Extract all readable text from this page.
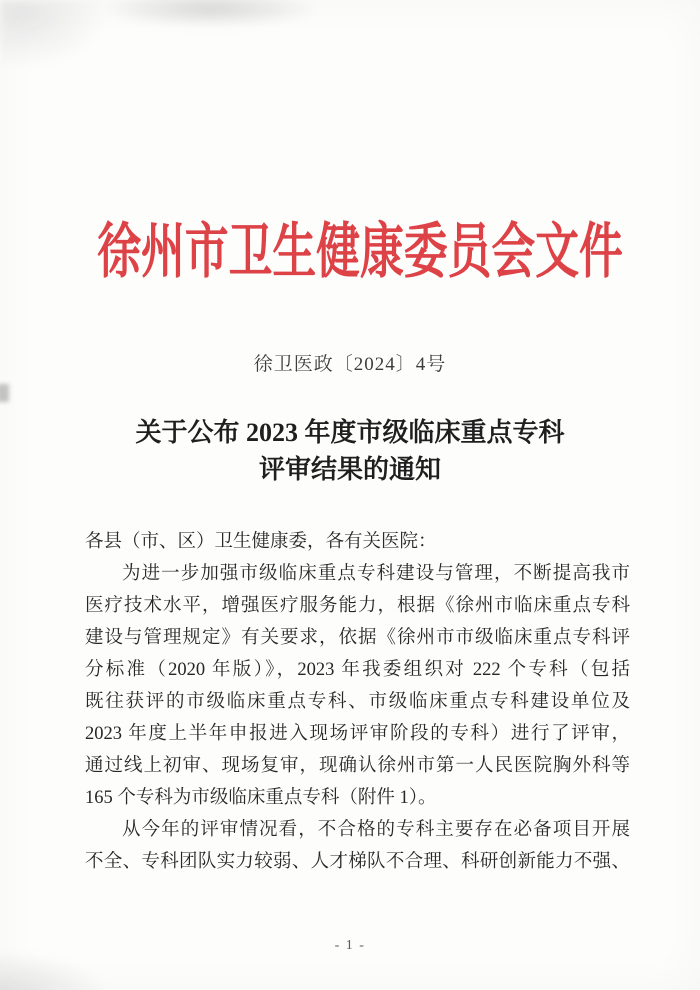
徐州市卫生健康委员会文件
徐卫医政〔2024〕4号
关于公布 2023 年度市级临床重点专科
评审结果的通知
各县（市、区）卫生健康委，各有关医院：
为进一步加强市级临床重点专科建设与管理，不断提高我市
医疗技术水平，增强医疗服务能力，根据《徐州市临床重点专科
建设与管理规定》有关要求，依据《徐州市市级临床重点专科评
分标准（2020 年版）》，2023 年我委组织对 222 个专科（包括
既往获评的市级临床重点专科、市级临床重点专科建设单位及
2023 年度上半年申报进入现场评审阶段的专科）进行了评审，
通过线上初审、现场复审，现确认徐州市第一人民医院胸外科等
165 个专科为市级临床重点专科（附件 1）。
从今年的评审情况看，不合格的专科主要存在必备项目开展
不全、专科团队实力较弱、人才梯队不合理、科研创新能力不强、
- 1 -
